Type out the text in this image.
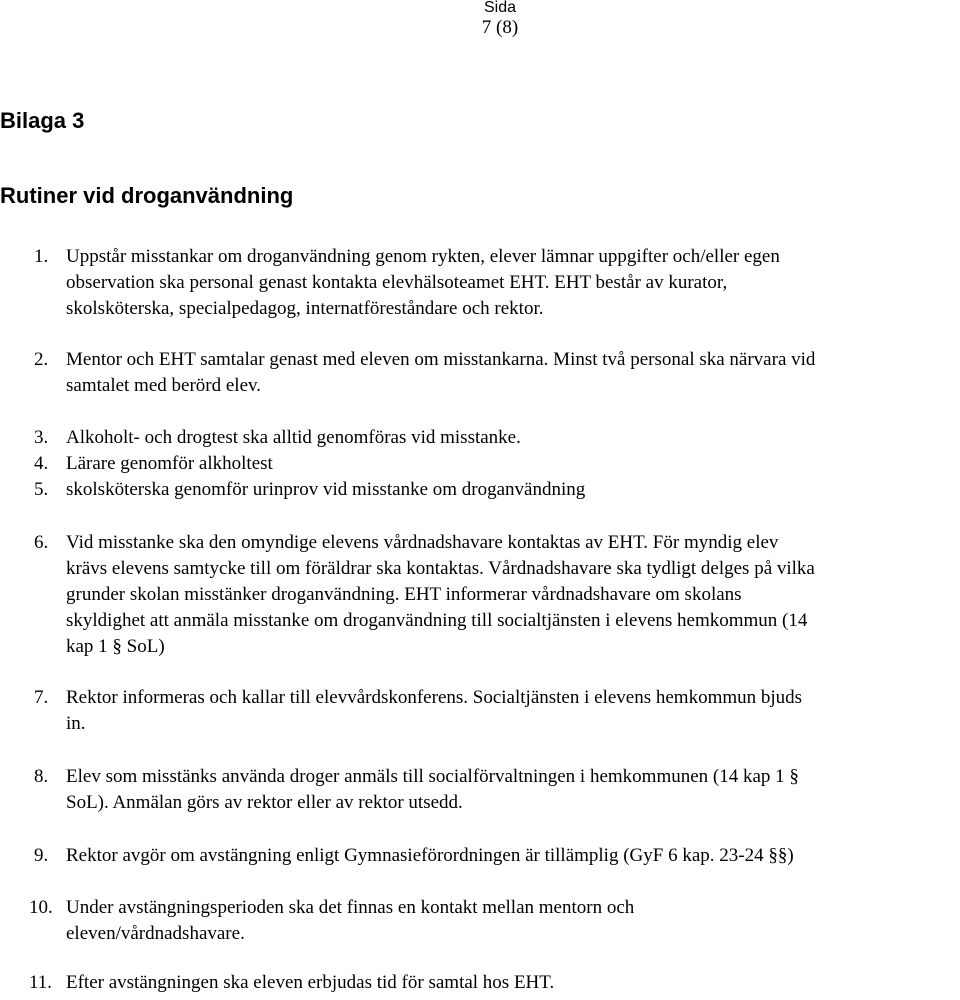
Sida
7 (8)
Bilaga 3
Rutiner vid droganvändning
1. Uppstår misstankar om droganvändning genom rykten, elever lämnar uppgifter och/eller egen
observation ska personal genast kontakta elevhälsoteamet EHT. EHT består av kurator,
skolsköterska, specialpedagog, internatföreståndare och rektor.
2. Mentor och EHT samtalar genast med eleven om misstankarna. Minst två personal ska närvara vid
samtalet med berörd elev.
3. Alkoholt- och drogtest ska alltid genomföras vid misstanke.
4. Lärare genomför alkholtest
5. skolsköterska genomför urinprov vid misstanke om droganvändning
6. Vid misstanke ska den omyndige elevens vårdnadshavare kontaktas av EHT. För myndig elev
krävs elevens samtycke till om föräldrar ska kontaktas. Vårdnadshavare ska tydligt delges på vilka
grunder skolan misstänker droganvändning. EHT informerar vårdnadshavare om skolans
skyldighet att anmäla misstanke om droganvändning till socialtjänsten i elevens hemkommun (14
kap 1 § SoL)
7. Rektor informeras och kallar till elevvårdskonferens. Socialtjänsten i elevens hemkommun bjuds
in.
8. Elev som misstänks använda droger anmäls till socialförvaltningen i hemkommunen (14 kap 1 §
SoL). Anmälan görs av rektor eller av rektor utsedd.
9. Rektor avgör om avstängning enligt Gymnasieförordningen är tillämplig (GyF 6 kap. 23-24 §§)
10. Under avstängningsperioden ska det finnas en kontakt mellan mentorn och
eleven/vårdnadshavare.
11. Efter avstängningen ska eleven erbjudas tid för samtal hos EHT.
